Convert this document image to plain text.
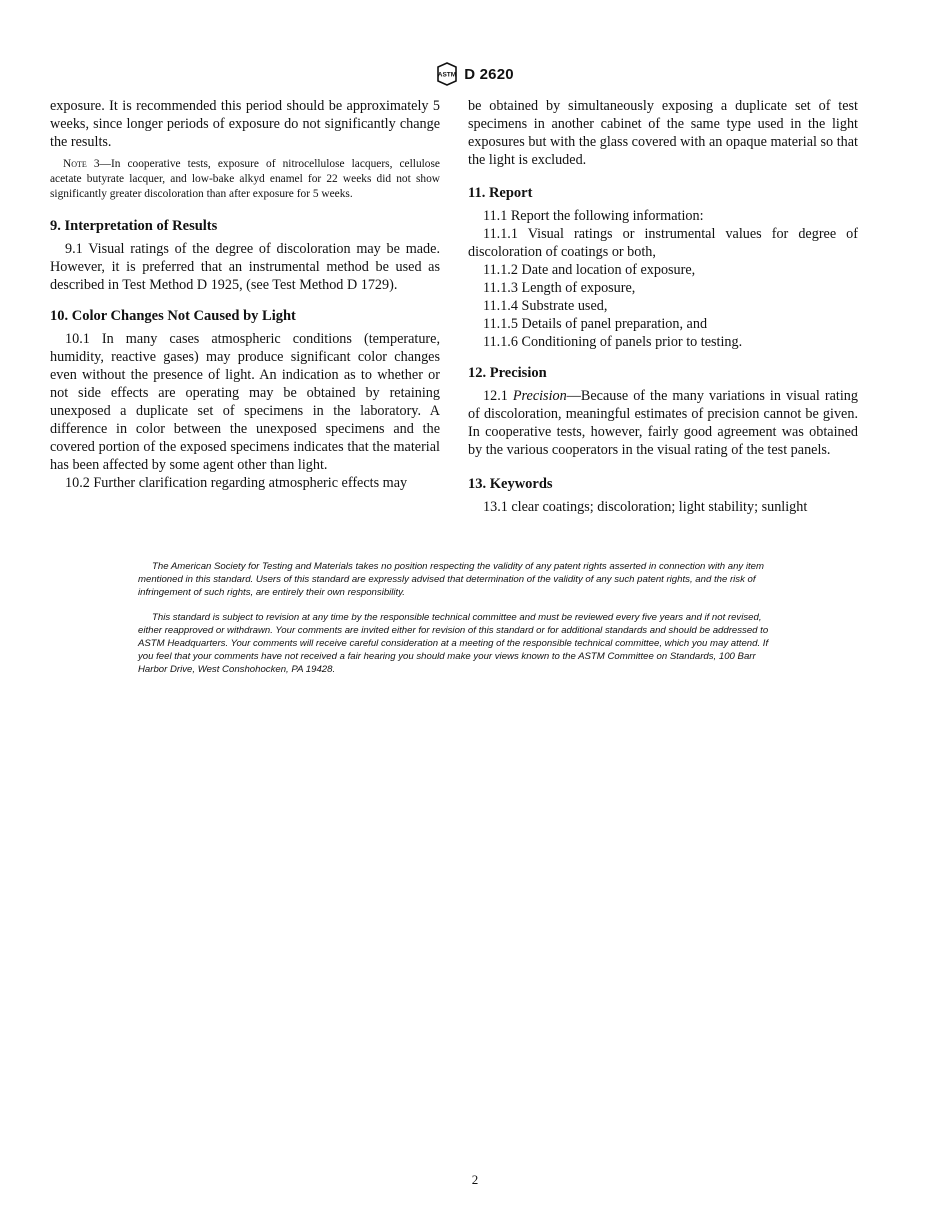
ASTM D 2620

exposure. It is recommended this period should be approximately 5 weeks, since longer periods of exposure do not significantly change the results.

Note 3—In cooperative tests, exposure of nitrocellulose lacquers, cellulose acetate butyrate lacquer, and low-bake alkyd enamel for 22 weeks did not show significantly greater discoloration than after exposure for 5 weeks.

9. Interpretation of Results

9.1 Visual ratings of the degree of discoloration may be made. However, it is preferred that an instrumental method be used as described in Test Method D 1925, (see Test Method D 1729).

10. Color Changes Not Caused by Light

10.1 In many cases atmospheric conditions (temperature, humidity, reactive gases) may produce significant color changes even without the presence of light. An indication as to whether or not side effects are operating may be obtained by retaining unexposed a duplicate set of specimens in the laboratory. A difference in color between the unexposed specimens and the covered portion of the exposed specimens indicates that the material has been affected by some agent other than light.

10.2 Further clarification regarding atmospheric effects may

be obtained by simultaneously exposing a duplicate set of test specimens in another cabinet of the same type used in the light exposures but with the glass covered with an opaque material so that the light is excluded.

11. Report

11.1 Report the following information:

11.1.1 Visual ratings or instrumental values for degree of discoloration of coatings or both,

11.1.2 Date and location of exposure,

11.1.3 Length of exposure,

11.1.4 Substrate used,

11.1.5 Details of panel preparation, and

11.1.6 Conditioning of panels prior to testing.

12. Precision

12.1 Precision—Because of the many variations in visual rating of discoloration, meaningful estimates of precision cannot be given. In cooperative tests, however, fairly good agreement was obtained by the various cooperators in the visual rating of the test panels.

13. Keywords

13.1 clear coatings; discoloration; light stability; sunlight

The American Society for Testing and Materials takes no position respecting the validity of any patent rights asserted in connection with any item mentioned in this standard. Users of this standard are expressly advised that determination of the validity of any such patent rights, and the risk of infringement of such rights, are entirely their own responsibility.

This standard is subject to revision at any time by the responsible technical committee and must be reviewed every five years and if not revised, either reapproved or withdrawn. Your comments are invited either for revision of this standard or for additional standards and should be addressed to ASTM Headquarters. Your comments will receive careful consideration at a meeting of the responsible technical committee, which you may attend. If you feel that your comments have not received a fair hearing you should make your views known to the ASTM Committee on Standards, 100 Barr Harbor Drive, West Conshohocken, PA 19428.

2
